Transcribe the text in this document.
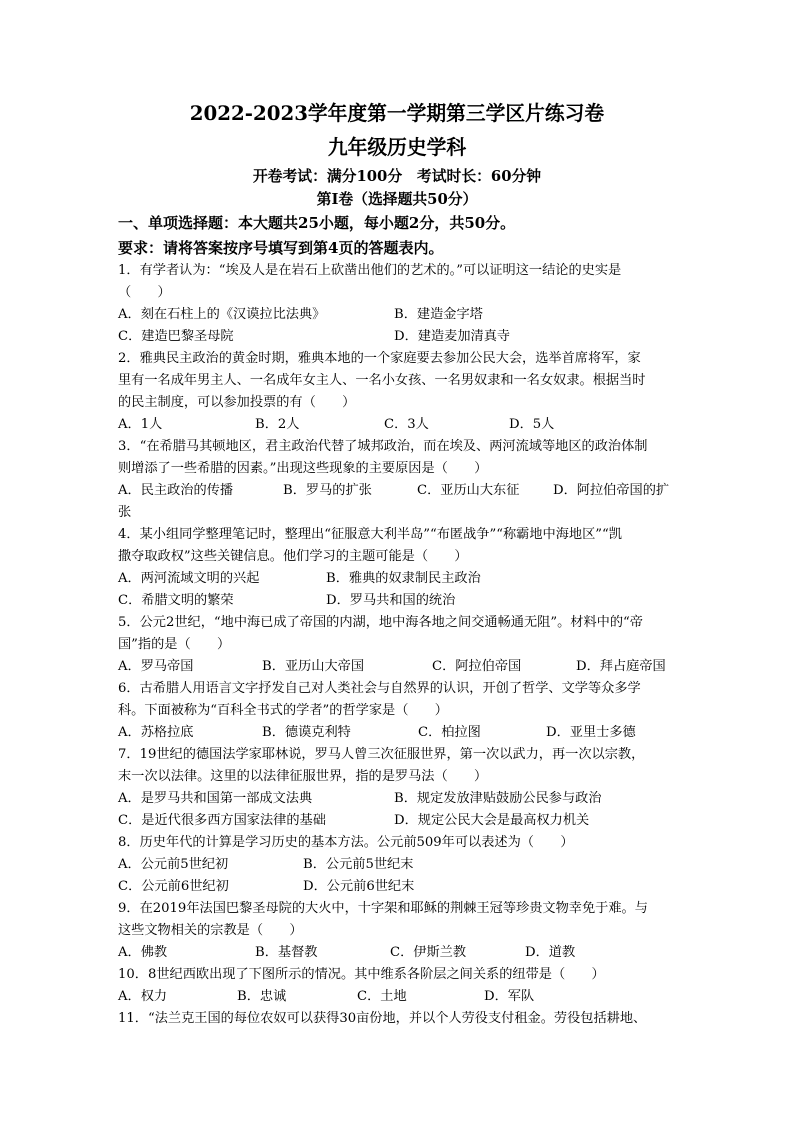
2022-2023学年度第一学期第三学区片练习卷
九年级历史学科
开卷考试：满分100分　考试时长：60分钟
第Ⅰ卷（选择题共50分）
一、单项选择题：本大题共25小题，每小题2分，共50分。
要求：请将答案按序号填写到第4页的答题表内。
1．有学者认为：“埃及人是在岩石上砍凿出他们的艺术的。”可以证明这一结论的史实是
（　　）
A．刻在石柱上的《汉谟拉比法典》	B．建造金字塔
C．建造巴黎圣母院	D．建造麦加清真寺
2．雅典民主政治的黄金时期，雅典本地的一个家庭要去参加公民大会，选举首席将军，家
里有一名成年男主人、一名成年女主人、一名小女孩、一名男奴隶和一名女奴隶。根据当时
的民主制度，可以参加投票的有（　　）
A．1人	B．2人	C．3人	D．5人
3．“在希腊马其顿地区，君主政治代替了城邦政治，而在埃及、两河流域等地区的政治体制
则增添了一些希腊的因素。”出现这些现象的主要原因是（　　）
A．民主政治的传播	B．罗马的扩张	C．亚历山大东征	D．阿拉伯帝国的扩
张
4．某小组同学整理笔记时，整理出“征服意大利半岛”“布匿战争”“称霸地中海地区”“凯
撒夺取政权”这些关键信息。他们学习的主题可能是（　　）
A．两河流域文明的兴起	B．雅典的奴隶制民主政治
C．希腊文明的繁荣	D．罗马共和国的统治
5．公元2世纪，“地中海已成了帝国的内湖，地中海各地之间交通畅通无阻”。材料中的“帝
国”指的是（　　）
A．罗马帝国	B．亚历山大帝国	C．阿拉伯帝国	D．拜占庭帝国
6．古希腊人用语言文字抒发自己对人类社会与自然界的认识，开创了哲学、文学等众多学
科。下面被称为“百科全书式的学者”的哲学家是（　　）
A．苏格拉底	B．德谟克利特	C．柏拉图	D．亚里士多德
7．19世纪的德国法学家耶林说，罗马人曾三次征服世界，第一次以武力，再一次以宗教，
末一次以法律。这里的以法律征服世界，指的是罗马法（　　）
A．是罗马共和国第一部成文法典	B．规定发放津贴鼓励公民参与政治
C．是近代很多西方国家法律的基础	D．规定公民大会是最高权力机关
8．历史年代的计算是学习历史的基本方法。公元前509年可以表述为（　　）
A．公元前5世纪初	B．公元前5世纪末
C．公元前6世纪初	D．公元前6世纪末
9．在2019年法国巴黎圣母院的大火中，十字架和耶稣的荆棘王冠等珍贵文物幸免于难。与
这些文物相关的宗教是（　　）
A．佛教	B．基督教	C．伊斯兰教	D．道教
10．8世纪西欧出现了下图所示的情况。其中维系各阶层之间关系的纽带是（　　）
A．权力	B．忠诚	C．土地	D．军队
11．“法兰克王国的每位农奴可以获得30亩份地，并以个人劳役支付租金。劳役包括耕地、
